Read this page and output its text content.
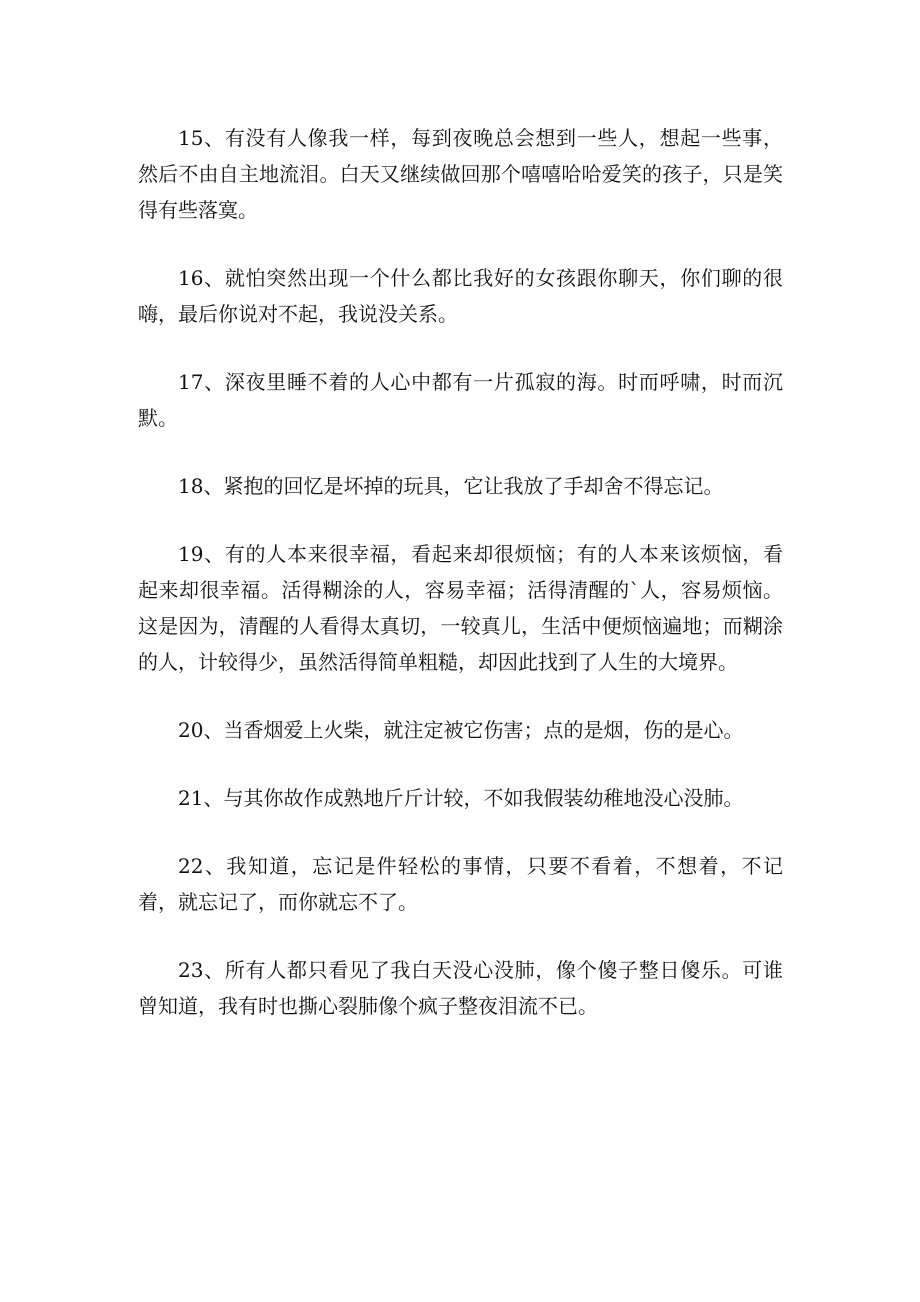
15、有没有人像我一样，每到夜晚总会想到一些人，想起一些事，然后不由自主地流泪。白天又继续做回那个嘻嘻哈哈爱笑的孩子，只是笑得有些落寞。

16、就怕突然出现一个什么都比我好的女孩跟你聊天，你们聊的很嗨，最后你说对不起，我说没关系。

17、深夜里睡不着的人心中都有一片孤寂的海。时而呼啸，时而沉默。

18、紧抱的回忆是坏掉的玩具，它让我放了手却舍不得忘记。

19、有的人本来很幸福，看起来却很烦恼；有的人本来该烦恼，看起来却很幸福。活得糊涂的人，容易幸福；活得清醒的`人，容易烦恼。这是因为，清醒的人看得太真切，一较真儿，生活中便烦恼遍地；而糊涂的人，计较得少，虽然活得简单粗糙，却因此找到了人生的大境界。

20、当香烟爱上火柴，就注定被它伤害；点的是烟，伤的是心。

21、与其你故作成熟地斤斤计较，不如我假装幼稚地没心没肺。

22、我知道，忘记是件轻松的事情，只要不看着，不想着，不记着，就忘记了，而你就忘不了。

23、所有人都只看见了我白天没心没肺，像个傻子整日傻乐。可谁曾知道，我有时也撕心裂肺像个疯子整夜泪流不已。
